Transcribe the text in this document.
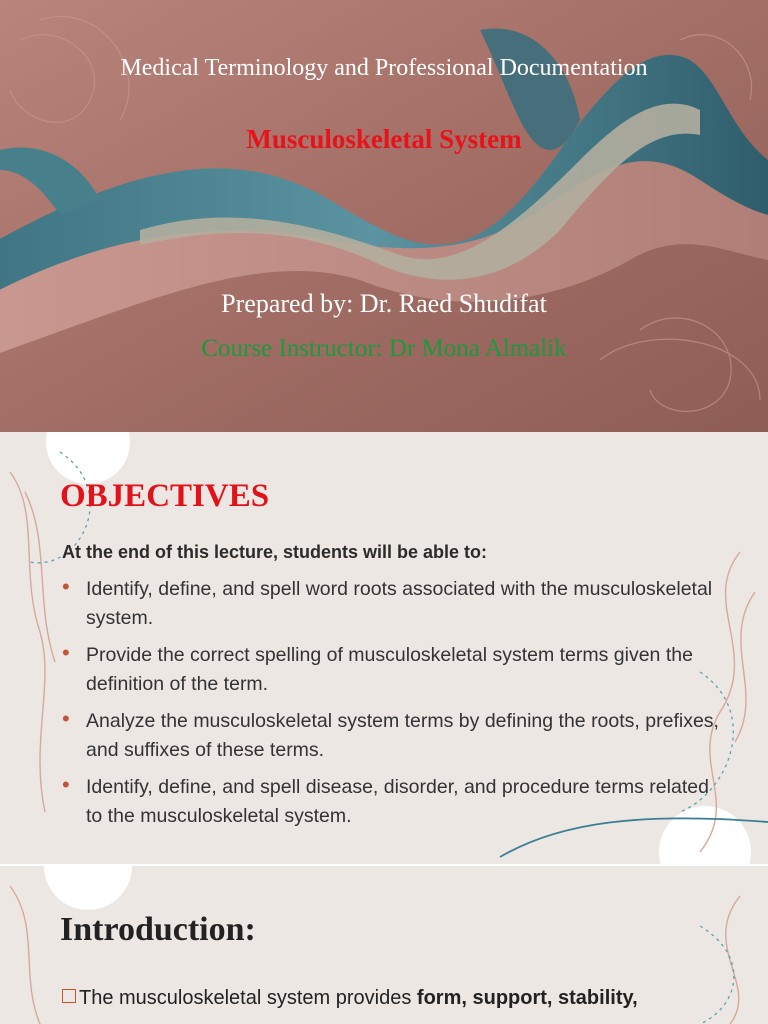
Medical Terminology and Professional Documentation
Musculoskeletal System
Prepared by: Dr. Raed Shudifat
Course Instructor: Dr Mona Almalik
OBJECTIVES

At the end of this lecture, students will be able to:

• Identify, define, and spell word roots associated with the musculoskeletal system.
• Provide the correct spelling of musculoskeletal system terms given the definition of the term.
• Analyze the musculoskeletal system terms by defining the roots, prefixes, and suffixes of these terms.
• Identify, define, and spell disease, disorder, and procedure terms related to the musculoskeletal system.
Introduction:

The musculoskeletal system provides form, support, stability,
